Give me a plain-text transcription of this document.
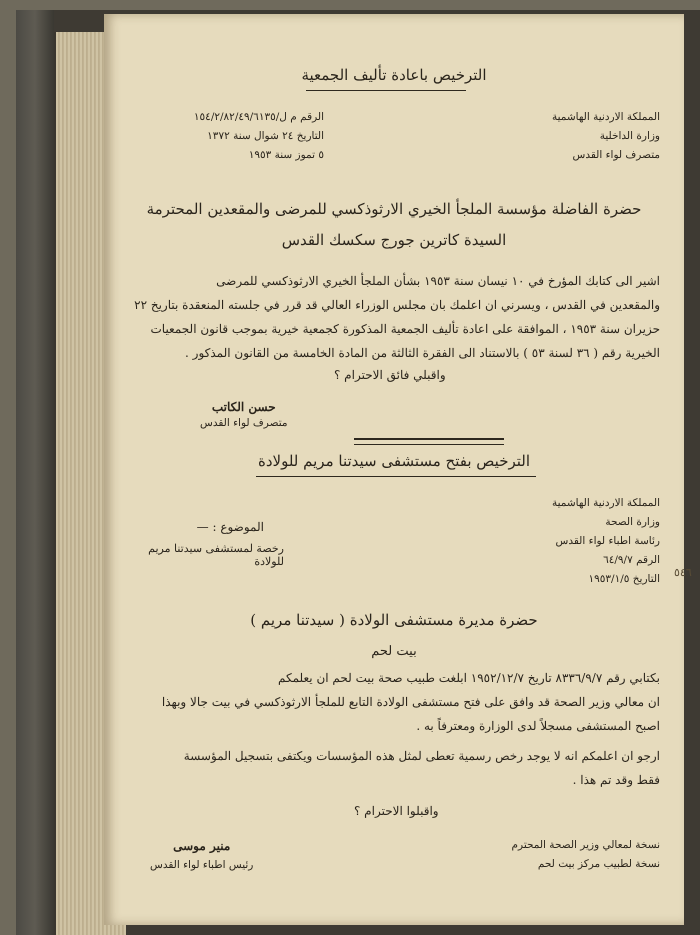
الترخيص باعادة تأليف الجمعية
المملكة الاردنية الهاشمية
وزارة الداخلية
متصرف لواء القدس
الرقم م ل/١٥٤/٢/٨٢/٤٩/٦١٣٥
التاريخ ٢٤ شوال سنة ١٣٧٢
٥ تموز سنة ١٩٥٣
حضرة الفاضلة مؤسسة الملجأ الخيري الارثوذكسي للمرضى والمقعدين المحترمة
السيدة كاترين جورج سكسك القدس
اشير الى كتابك المؤرخ في ١٠ نيسان سنة ١٩٥٣ بشأن الملجأ الخيري الارثوذكسي للمرضى
والمقعدين في القدس ، ويسرني ان اعلمك بان مجلس الوزراء العالي قد قرر في جلسته المنعقدة بتاريخ ٢٢
حزيران سنة ١٩٥٣ ، الموافقة على اعادة تأليف الجمعية المذكورة كجمعية خيرية بموجب قانون الجمعيات
الخيرية رقم ( ٣٦ لسنة ٥٣ ) بالاستناد الى الفقرة الثالثة من المادة الخامسة من القانون المذكور .
واقبلي فائق الاحترام ؟
حسن الكاتب
متصرف لواء القدس
الترخيص بفتح مستشفى سيدتنا مريم للولادة
المملكة الاردنية الهاشمية
وزارة الصحة
رئاسة اطباء لواء القدس
الرقم ٦٤/٩/٧
التاريخ ١٩٥٣/١/٥
الموضوع : —
رخصة لمستشفى سيدتنا مريم للولادة
حضرة مديرة مستشفى الولادة ( سيدتنا مريم )
بيت لحم
بكتابي رقم ٨٣٣٦/٩/٧ تاريخ ١٩٥٢/١٢/٧ ابلغت طبيب صحة بيت لحم ان يعلمكم
ان معالي وزير الصحة قد وافق على فتح مستشفى الولادة التابع للملجأ الارثوذكسي في بيت جالا وبهذا
اصبح المستشفى مسجلاً لدى الوزارة ومعترفاً به .
ارجو ان اعلمكم انه لا يوجد رخص رسمية تعطى لمثل هذه المؤسسات ويكتفى بتسجيل المؤسسة
فقط وقد تم هذا .
واقبلوا الاحترام ؟
نسخة لمعالي وزير الصحة المحترم
نسخة لطبيب مركز بيت لحم
منير موسى
رئيس اطباء لواء القدس
٥٤٦
